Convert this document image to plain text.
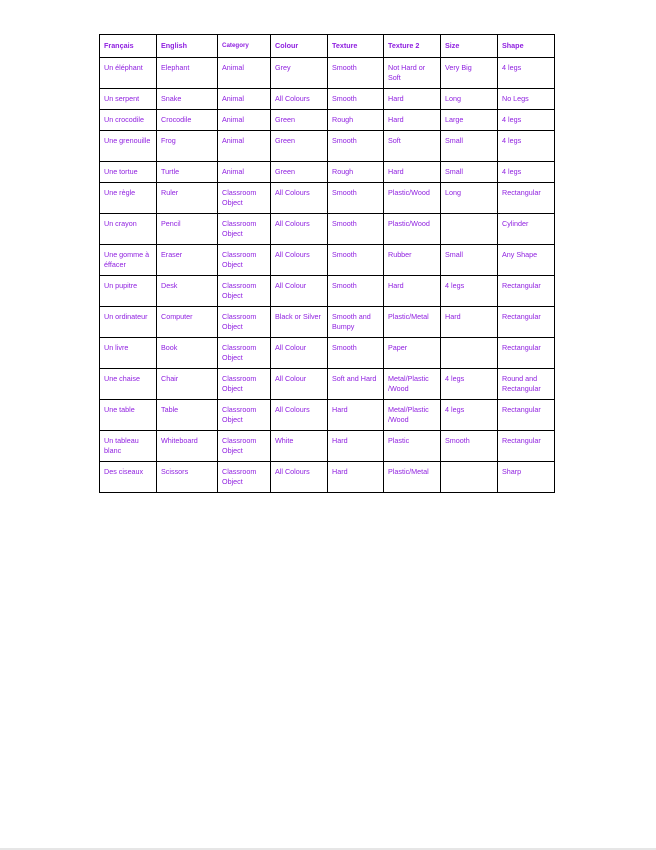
Français	English	Category	Colour	Texture	Texture 2	Size	Shape
Un éléphant	Elephant	Animal	Grey	Smooth	Not Hard or Soft	Very Big	4 legs
Un serpent	Snake	Animal	All Colours	Smooth	Hard	Long	No Legs
Un crocodile	Crocodile	Animal	Green	Rough	Hard	Large	4 legs
Une grenouille	Frog	Animal	Green	Smooth	Soft	Small	4 legs
Une tortue	Turtle	Animal	Green	Rough	Hard	Small	4 legs
Une règle	Ruler	Classroom Object	All Colours	Smooth	Plastic/Wood	Long	Rectangular
Un crayon	Pencil	Classroom Object	All Colours	Smooth	Plastic/Wood		Cylinder
Une gomme à éffacer	Eraser	Classroom Object	All Colours	Smooth	Rubber	Small	Any Shape
Un pupitre	Desk	Classroom Object	All Colour	Smooth	Hard	4 legs	Rectangular
Un ordinateur	Computer	Classroom Object	Black or Silver	Smooth and Bumpy	Plastic/Metal	Hard	Rectangular
Un livre	Book	Classroom Object	All Colour	Smooth	Paper		Rectangular
Une chaise	Chair	Classroom Object	All Colour	Soft and Hard	Metal/Plastic /Wood	4 legs	Round and Rectangular
Une table	Table	Classroom Object	All Colours	Hard	Metal/Plastic /Wood	4 legs	Rectangular
Un tableau blanc	Whiteboard	Classroom Object	White	Hard	Plastic	Smooth	Rectangular
Des ciseaux	Scissors	Classroom Object	All Colours	Hard	Plastic/Metal		Sharp
